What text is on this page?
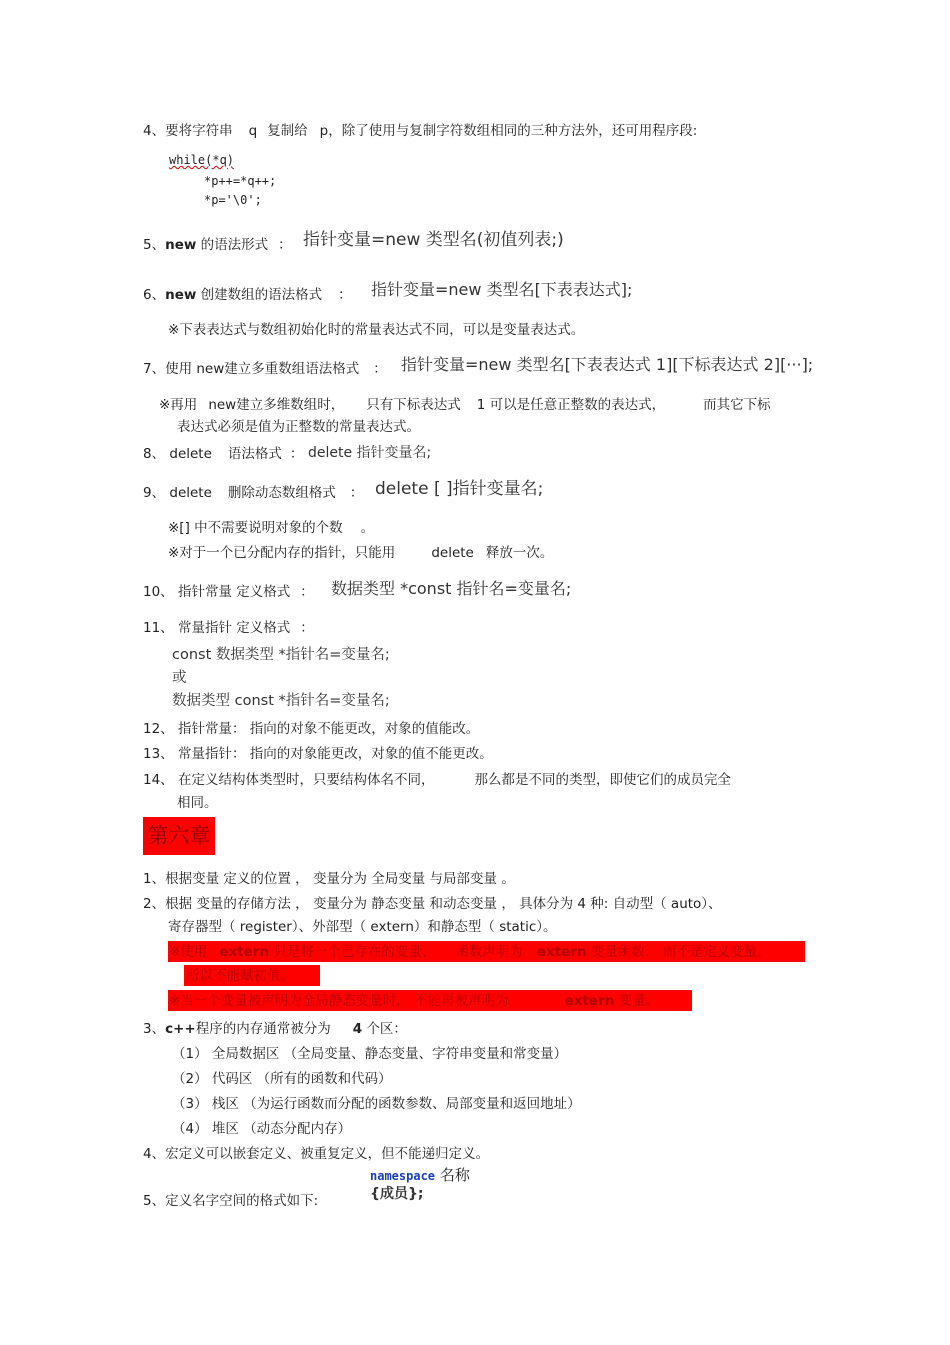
4、要将字符串 q 复制给 p，除了使用与复制字符数组相同的三种方法外，还可用程序段:
while(*q)
*p++=*q++;
*p='\0';
5、new 的语法形式 ： 指针变量=new 类型名(初值列表;)
6、new 创建数组的语法格式 ： 指针变量=new 类型名[下表表达式];
※下表表达式与数组初始化时的常量表达式不同，可以是变量表达式。
7、使用 new建立多重数组语法格式 ： 指针变量=new 类型名[下表表达式 1][下标表达式 2][···];
※再用 new建立多维数组时， 只有下标表达式 1 可以是任意正整数的表达式，	而其它下标
表达式必须是值为正整数的常量表达式。
8、 delete 语法格式 ： delete 指针变量名;
9、 delete 删除动态数组格式 ： delete [ ]指针变量名;
※[] 中不需要说明对象的个数 。
※对于一个已分配内存的指针，只能用	delete 释放一次。
10、 指针常量 定义格式 ： 数据类型 *const 指针名=变量名;
11、 常量指针 定义格式 ：
const 数据类型 *指针名=变量名;
或
数据类型 const *指针名=变量名;
12、 指针常量： 指向的对象不能更改，对象的值能改。
13、 常量指针： 指向的对象能更改，对象的值不能更改。
14、 在定义结构体类型时，只要结构体名不同，	那么都是不同的类型，即使它们的成员完全
相同。
第六章
1、根据变量 定义的位置 ， 变量分为 全局变量 与局部变量 。
2、根据 变量的存储方法 ， 变量分为 静态变量 和动态变量 ， 具体分为 4 种: 自动型（ auto）、
寄存器型（ register）、外部型（ extern）和静态型（ static）。
※使用 extern 只是将一个已存在的变量、 函数声明为 extern 变量函数， 而不是定义变量，
所以不能赋初值。
※当一个变量被声明为全局静态变量时， 不能再被声明为	extern 变量。
3、c++程序的内存通常被分为 4 个区：
（1） 全局数据区 （全局变量、静态变量、字符串变量和常变量）
（2） 代码区 （所有的函数和代码）
（3） 栈区 （为运行函数而分配的函数参数、局部变量和返回地址）
（4） 堆区 （动态分配内存）
4、宏定义可以嵌套定义、被重复定义，但不能递归定义。
namespace 名称
{成员};
5、定义名字空间的格式如下:
